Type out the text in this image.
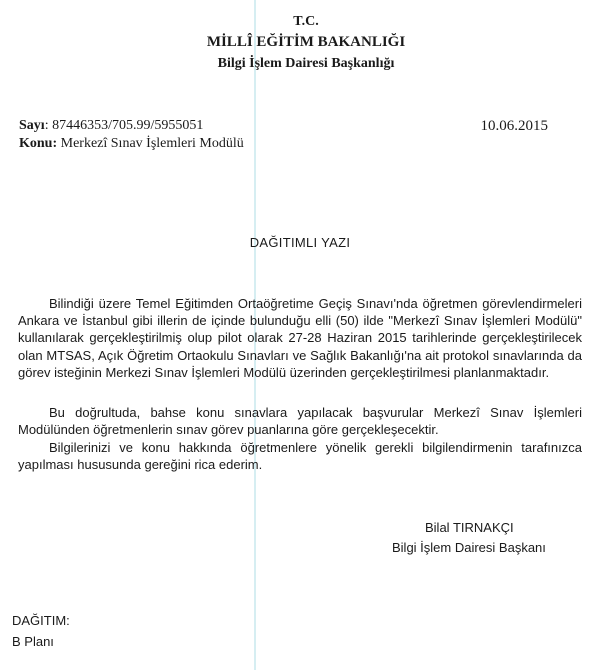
T.C.
MİLLÎ EĞİTİM BAKANLIĞI
Bilgi İşlem Dairesi Başkanlığı
Sayı: 87446353/705.99/5955051
Konu: Merkezî Sınav İşlemleri Modülü
10.06.2015
DAĞITIMLI YAZI
Bilindiği üzere Temel Eğitimden Ortaöğretime Geçiş Sınavı'nda öğretmen görevlendirmeleri Ankara ve İstanbul gibi illerin de içinde bulunduğu elli (50) ilde "Merkezî Sınav İşlemleri Modülü" kullanılarak gerçekleştirilmiş olup pilot olarak 27-28 Haziran 2015 tarihlerinde gerçekleştirilecek olan MTSAS, Açık Öğretim Ortaokulu Sınavları ve Sağlık Bakanlığı'na ait protokol sınavlarında da görev isteğinin Merkezi Sınav İşlemleri Modülü üzerinden gerçekleştirilmesi planlanmaktadır.
Bu doğrultuda, bahse konu sınavlara yapılacak başvurular Merkezî Sınav İşlemleri Modülünden öğretmenlerin sınav görev puanlarına göre gerçekleşecektir.
Bilgilerinizi ve konu hakkında öğretmenlere yönelik gerekli bilgilendirmenin tarafınızca yapılması hususunda gereğini rica ederim.
Bilal TIRNAKÇI
Bilgi İşlem Dairesi Başkanı
DAĞITIM:
B Planı
